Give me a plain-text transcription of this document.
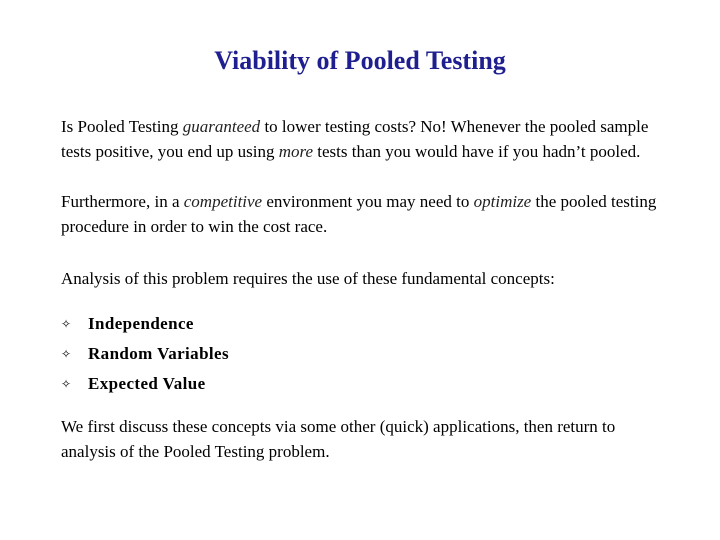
Viability of Pooled Testing
Is Pooled Testing guaranteed to lower testing costs? No! Whenever the pooled sample tests positive, you end up using more tests than you would have if you hadn’t pooled.
Furthermore, in a competitive environment you may need to optimize the pooled testing procedure in order to win the cost race.
Analysis of this problem requires the use of these fundamental concepts:
✧ Independence
✧ Random Variables
✧ Expected Value
We first discuss these concepts via some other (quick) applications, then return to analysis of the Pooled Testing problem.
